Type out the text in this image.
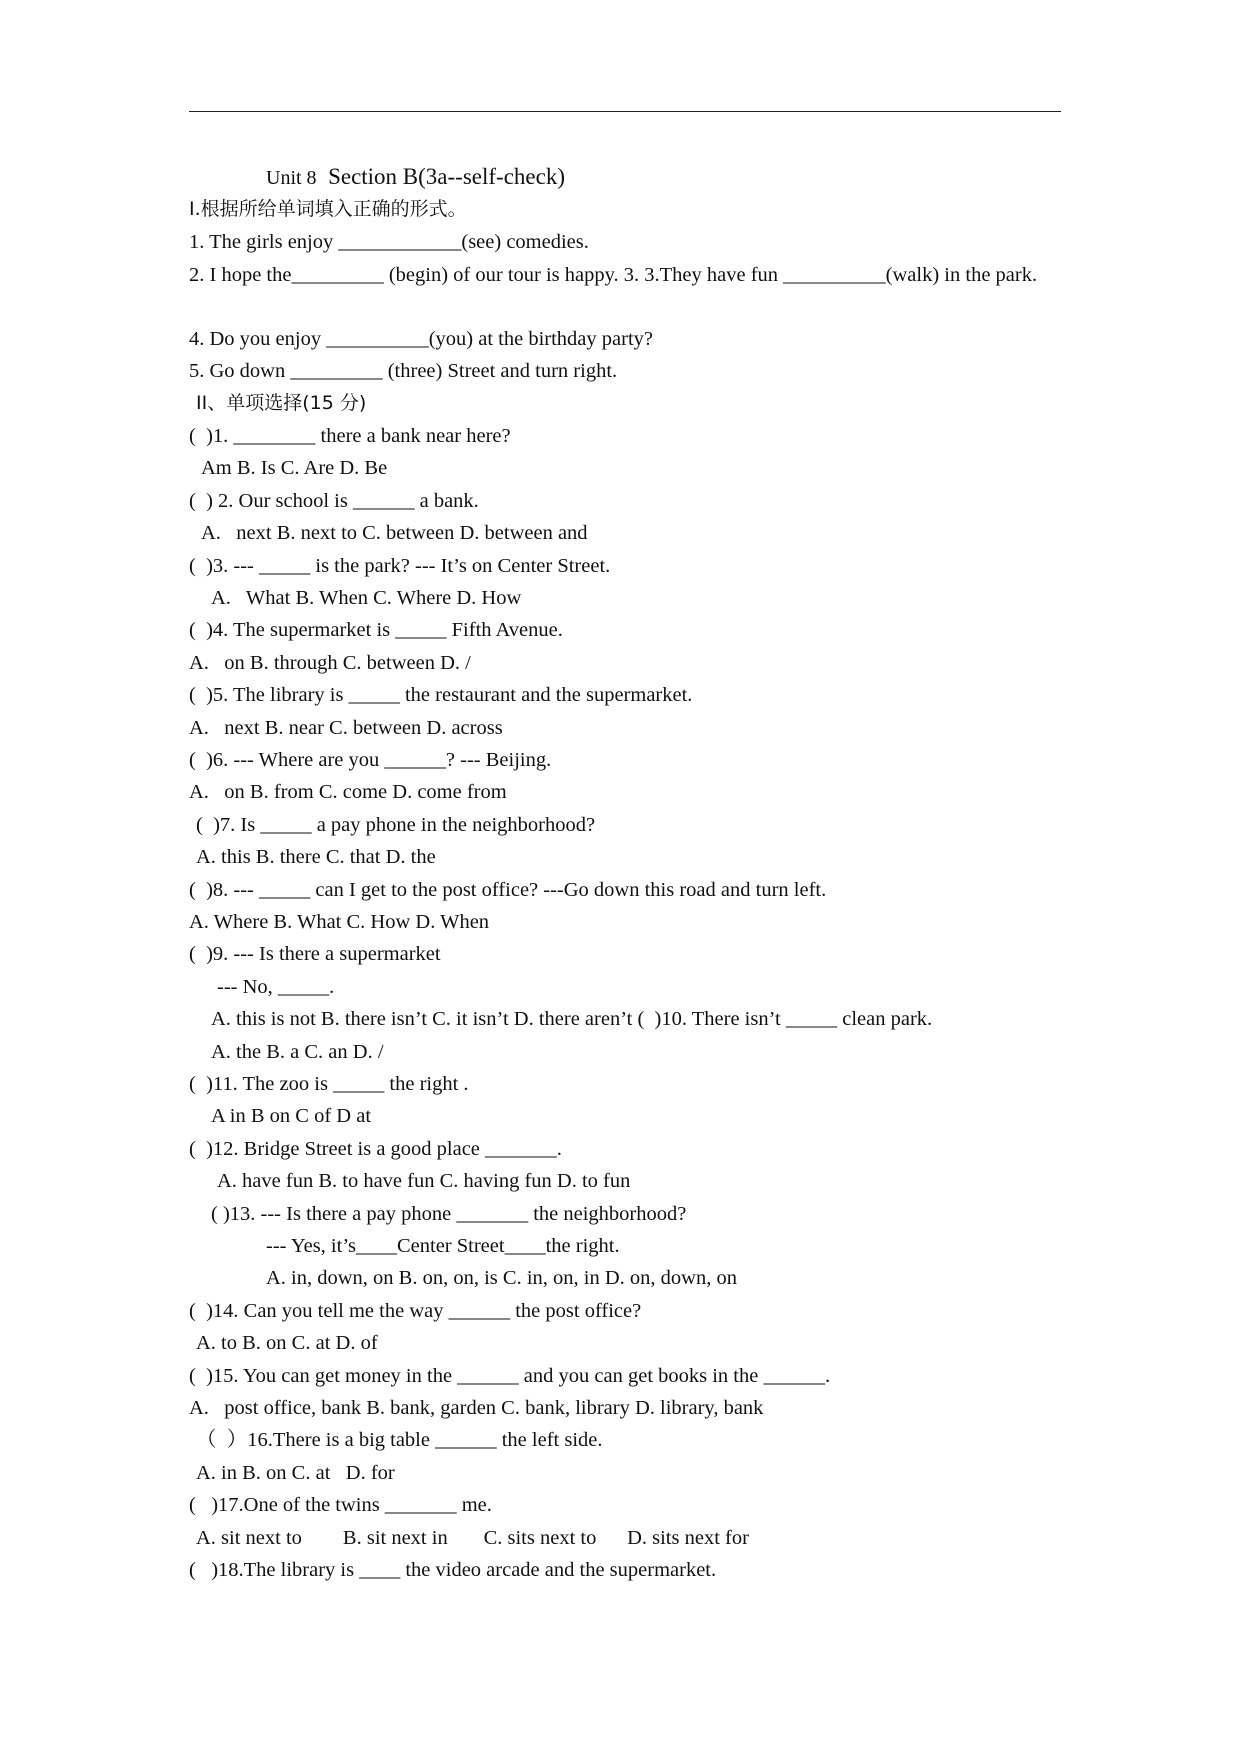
Unit 8 Section B(3a--self-check)
I.根据所给单词填入正确的形式。
1. The girls enjoy ____________(see) comedies.
2. I hope the_________ (begin) of our tour is happy. 3. 3.They have fun __________(walk) in the park.
4. Do you enjoy __________(you) at the birthday party?
5. Go down _________ (three) Street and turn right.
II、单项选择(15 分)
(  )1. ________ there a bank near here?
Am B. Is C. Are D. Be
(  ) 2. Our school is ______ a bank.
A.   next B. next to C. between D. between and
(  )3. --- _____ is the park? --- It’s on Center Street.
A.   What B. When C. Where D. How
(  )4. The supermarket is _____ Fifth Avenue.
A.   on B. through C. between D. /
(  )5. The library is _____ the restaurant and the supermarket.
A.   next B. near C. between D. across
(  )6. --- Where are you ______? --- Beijing.
A.   on B. from C. come D. come from
(  )7. Is _____ a pay phone in the neighborhood?
A. this B. there C. that D. the
(  )8. --- _____ can I get to the post office? ---Go down this road and turn left.
A. Where B. What C. How D. When
(  )9. --- Is there a supermarket
--- No, _____.
A. this is not B. there isn’t C. it isn’t D. there aren’t (  )10. There isn’t _____ clean park.
A. the B. a C. an D. /
(  )11. The zoo is _____ the right .
A in B on C of D at
(  )12. Bridge Street is a good place _______.
A. have fun B. to have fun C. having fun D. to fun
( )13. --- Is there a pay phone _______ the neighborhood?
--- Yes, it’s____Center Street____the right.
A. in, down, on B. on, on, is C. in, on, in D. on, down, on
(  )14. Can you tell me the way ______ the post office?
A. to B. on C. at D. of
(  )15. You can get money in the ______ and you can get books in the ______.
A.   post office, bank B. bank, garden C. bank, library D. library, bank
（  ）16.There is a big table ______ the left side.
A. in B. on C. at   D. for
(   )17.One of the twins _______ me.
A. sit next to        B. sit next in       C. sits next to      D. sits next for
(   )18.The library is ____ the video arcade and the supermarket.
